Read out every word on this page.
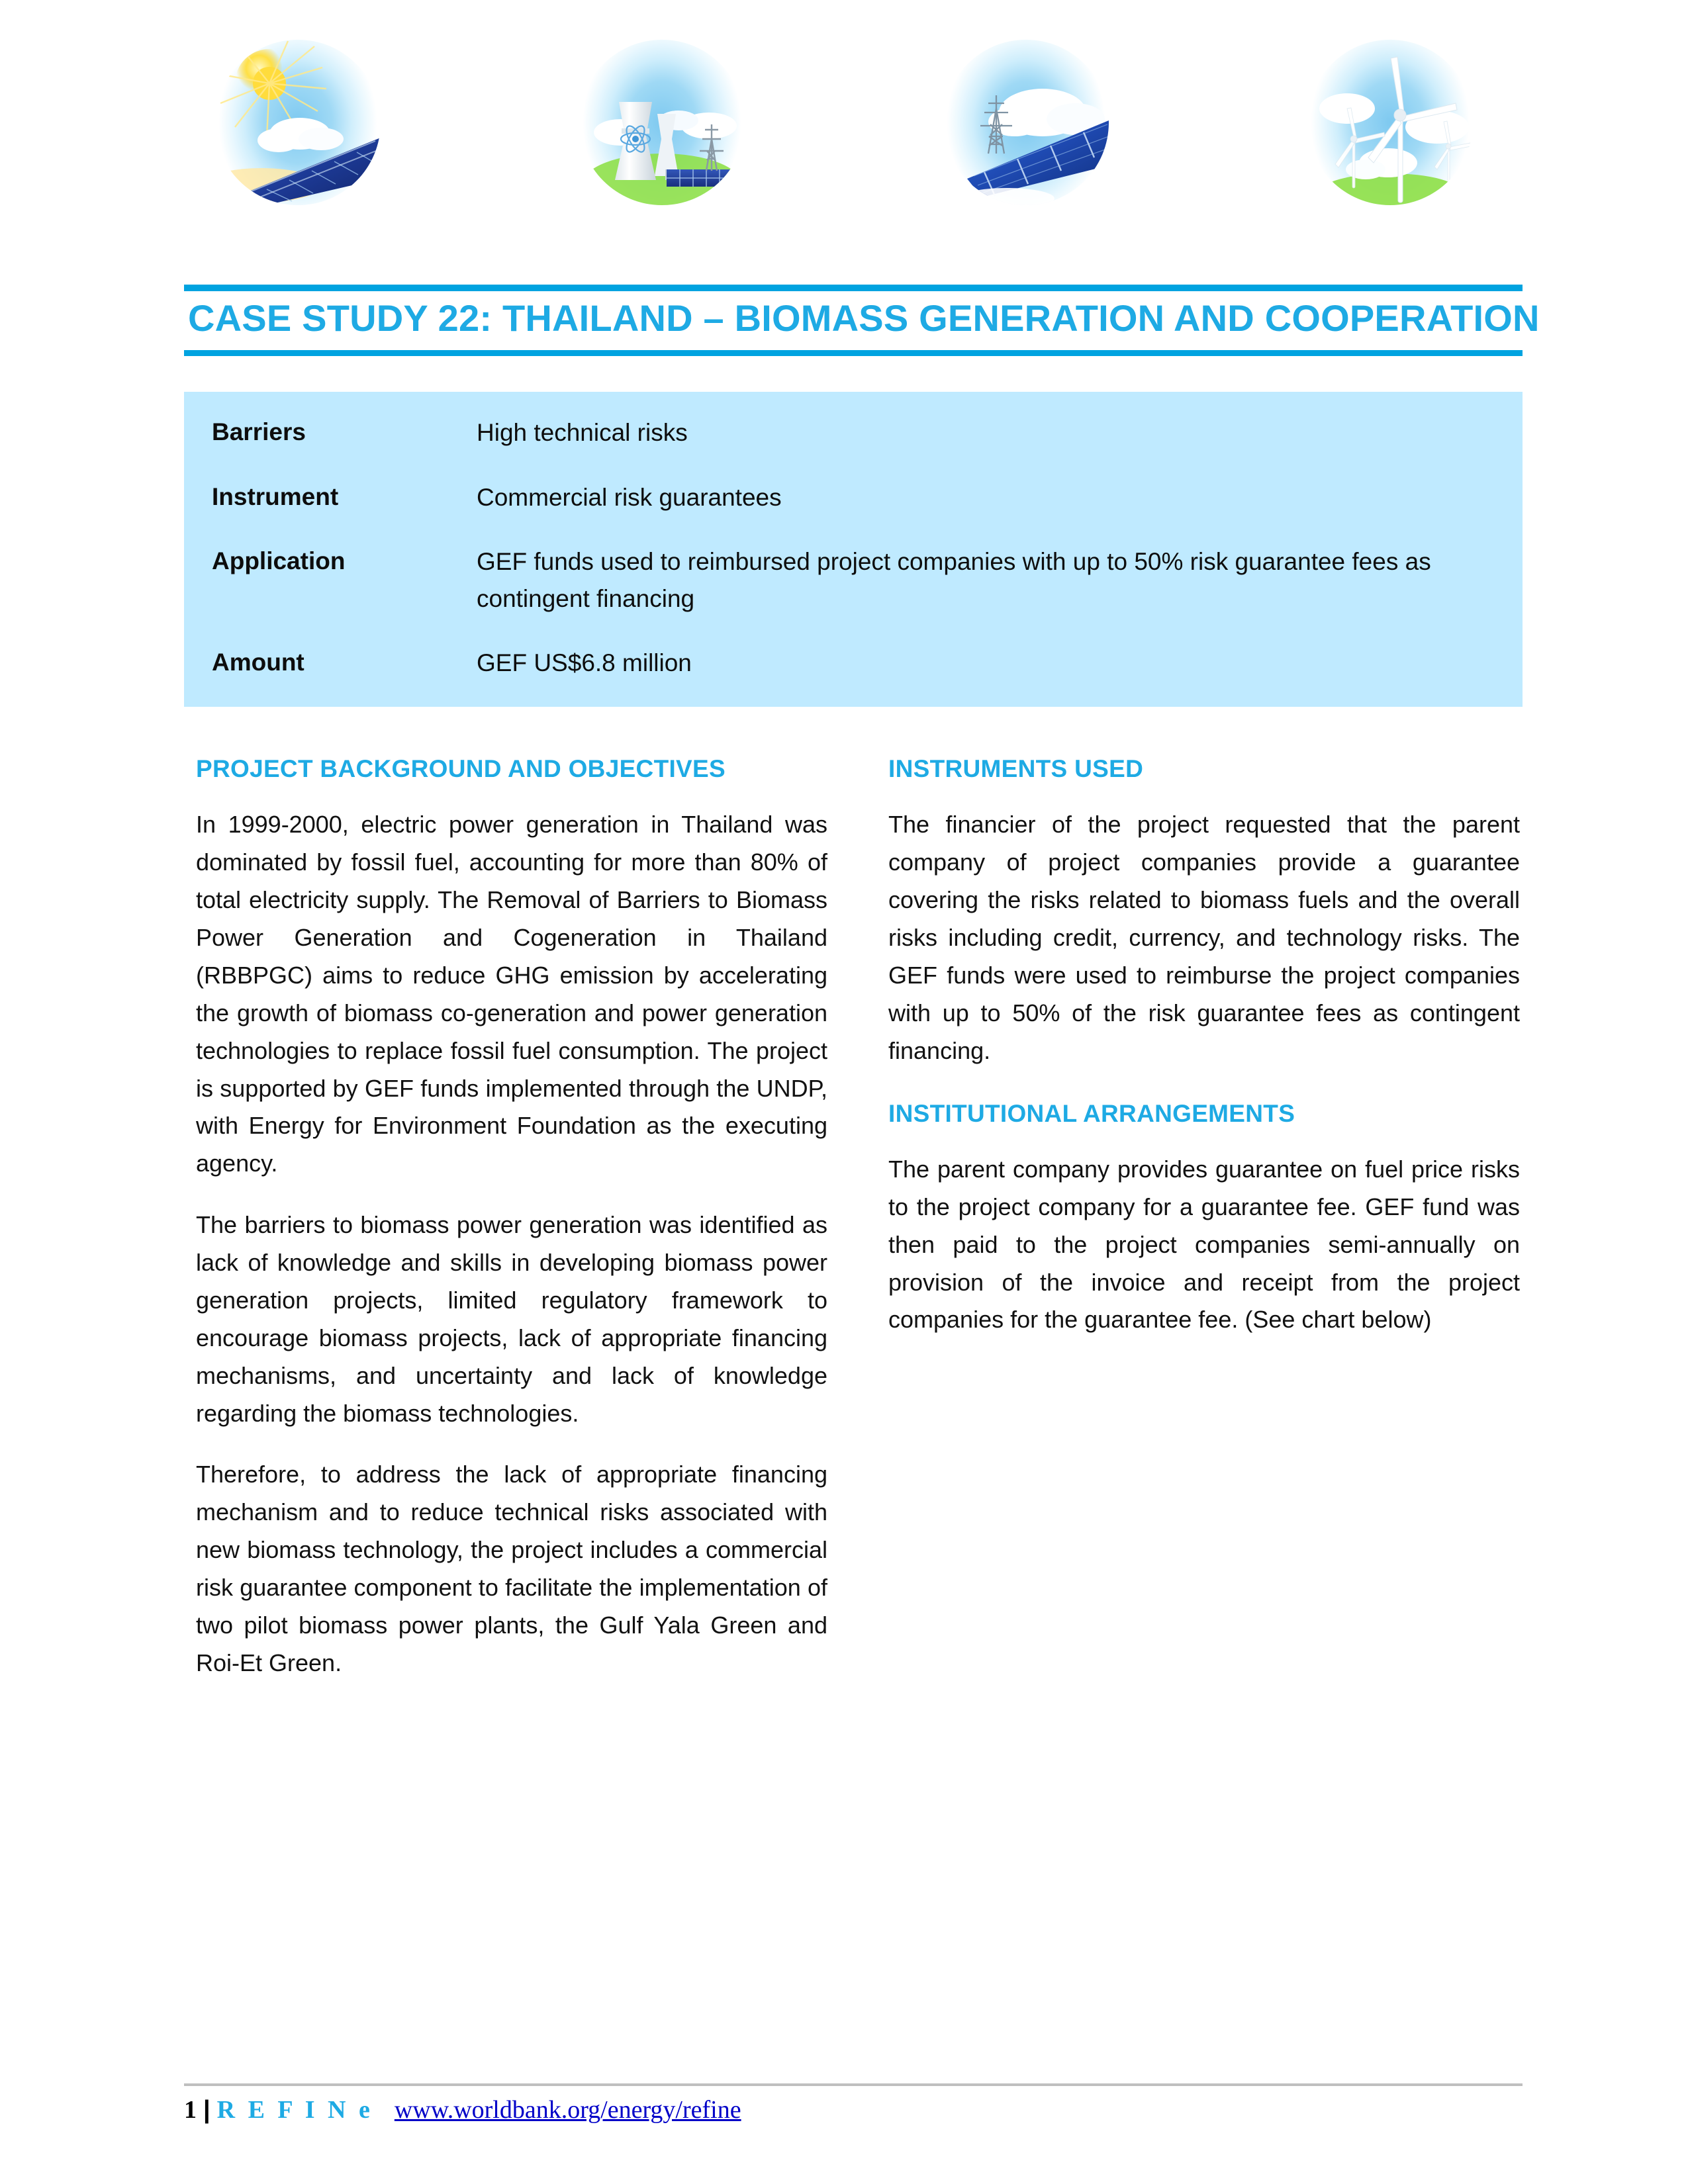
CASE STUDY 22: THAILAND – BIOMASS GENERATION AND COOPERATION
Barriers	High technical risks
Instrument	Commercial risk guarantees
Application	GEF funds used to reimbursed project companies with up to 50% risk guarantee fees as contingent financing
Amount	GEF US$6.8 million
PROJECT BACKGROUND AND OBJECTIVES

In 1999-2000, electric power generation in Thailand was dominated by fossil fuel, accounting for more than 80% of total electricity supply. The Removal of Barriers to Biomass Power Generation and Cogeneration in Thailand (RBBPGC) aims to reduce GHG emission by accelerating the growth of biomass co-generation and power generation technologies to replace fossil fuel consumption. The project is supported by GEF funds implemented through the UNDP, with Energy for Environment Foundation as the executing agency.

The barriers to biomass power generation was identified as lack of knowledge and skills in developing biomass power generation projects, limited regulatory framework to encourage biomass projects, lack of appropriate financing mechanisms, and uncertainty and lack of knowledge regarding the biomass technologies.

Therefore, to address the lack of appropriate financing mechanism and to reduce technical risks associated with new biomass technology, the project includes a commercial risk guarantee component to facilitate the implementation of two pilot biomass power plants, the Gulf Yala Green and Roi-Et Green.

INSTRUMENTS USED

The financier of the project requested that the parent company of project companies provide a guarantee covering the risks related to biomass fuels and the overall risks including credit, currency, and technology risks. The GEF funds were used to reimburse the project companies with up to 50% of the risk guarantee fees as contingent financing.

INSTITUTIONAL ARRANGEMENTS

The parent company provides guarantee on fuel price risks to the project company for a guarantee fee. GEF fund was then paid to the project companies semi-annually on provision of the invoice and receipt from the project companies for the guarantee fee. (See chart below)

1 | R E F I N e www.worldbank.org/energy/refine
